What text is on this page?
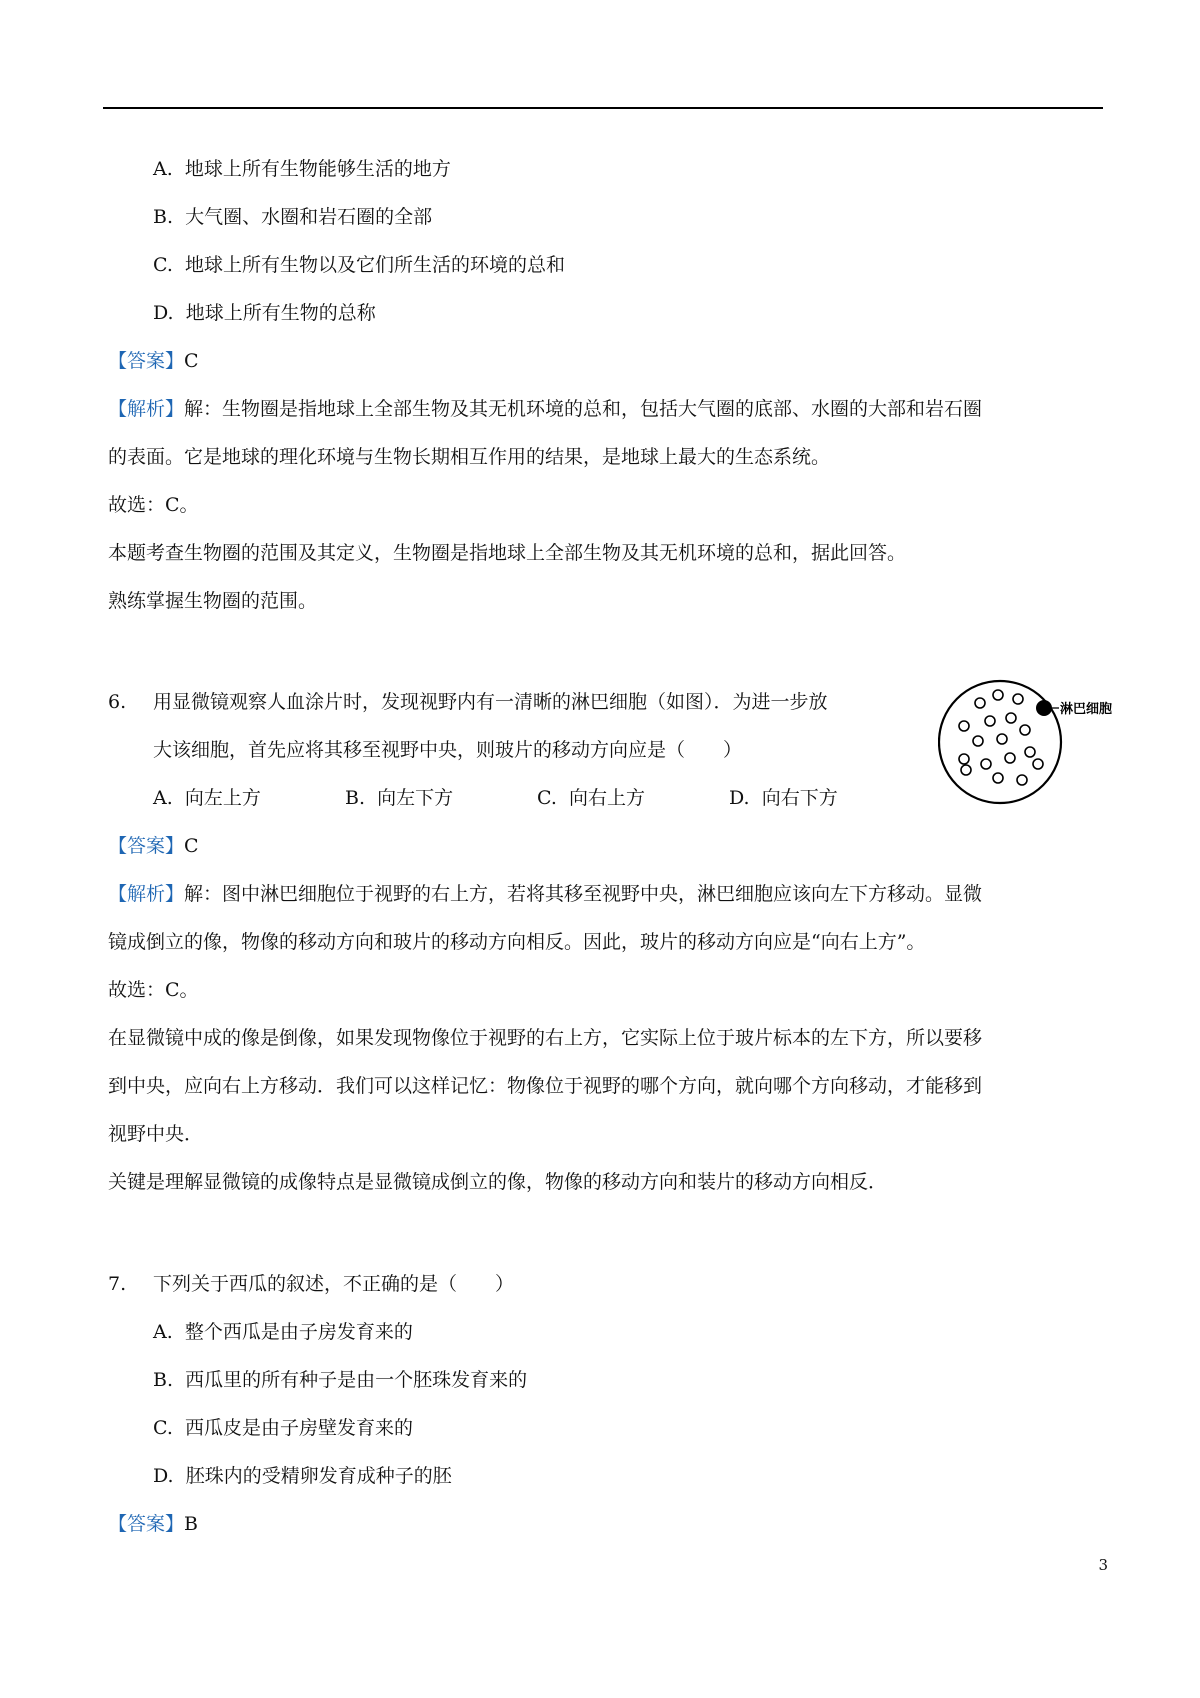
A. 地球上所有生物能够生活的地方
B. 大气圈、水圈和岩石圈的全部
C. 地球上所有生物以及它们所生活的环境的总和
D. 地球上所有生物的总称
【答案】C
【解析】解：生物圈是指地球上全部生物及其无机环境的总和，包括大气圈的底部、水圈的大部和岩石圈
的表面。它是地球的理化环境与生物长期相互作用的结果，是地球上最大的生态系统。
故选：C。
本题考查生物圈的范围及其定义，生物圈是指地球上全部生物及其无机环境的总和，据此回答。
熟练掌握生物圈的范围。
6. 用显微镜观察人血涂片时，发现视野内有一清晰的淋巴细胞（如图）．为进一步放
大该细胞，首先应将其移至视野中央，则玻片的移动方向应是（　　）
A. 向左上方	B. 向左下方	C. 向右上方	D. 向右下方
淋巴细胞
【答案】C
【解析】解：图中淋巴细胞位于视野的右上方，若将其移至视野中央，淋巴细胞应该向左下方移动。显微
镜成倒立的像，物像的移动方向和玻片的移动方向相反。因此，玻片的移动方向应是“向右上方”。
故选：C。
在显微镜中成的像是倒像，如果发现物像位于视野的右上方，它实际上位于玻片标本的左下方，所以要移
到中央，应向右上方移动．我们可以这样记忆：物像位于视野的哪个方向，就向哪个方向移动，才能移到
视野中央．
关键是理解显微镜的成像特点是显微镜成倒立的像，物像的移动方向和装片的移动方向相反．
7. 下列关于西瓜的叙述，不正确的是（　　）
A. 整个西瓜是由子房发育来的
B. 西瓜里的所有种子是由一个胚珠发育来的
C. 西瓜皮是由子房壁发育来的
D. 胚珠内的受精卵发育成种子的胚
【答案】B
3
